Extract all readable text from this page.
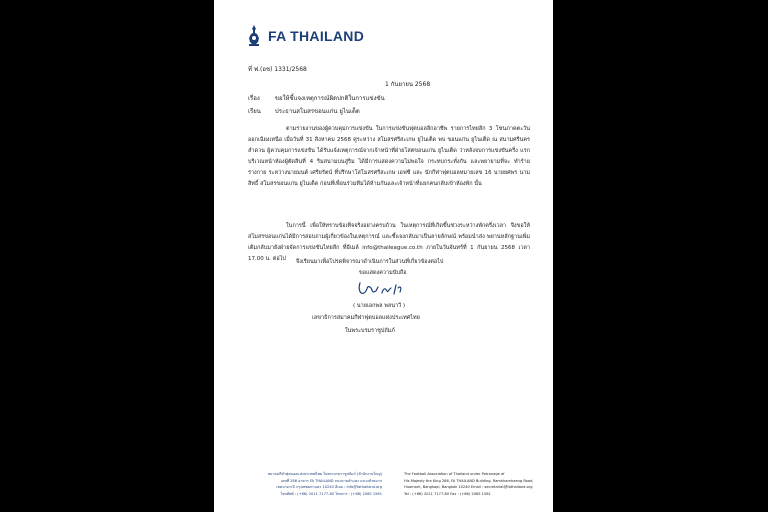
FA THAILAND
ที่ ฟ.(อช) 1331/2568
1 กันยายน 2568
เรื่อง	ขอให้ชี้แจงเหตุการณ์ผิดปกติในการแข่งขัน
เรียน ประธานสโมสรขอนแก่น ยูไนเต็ด
ตามรายงานของผู้ควบคุมการแข่งขัน ในการแข่งขันฟุตบอลลีกอาชีพ รายการไทยลีก 3 โซนภาคตะวันออกเฉียงเหนือ เมื่อวันที่ 31 สิงหาคม 2568 คู่ระหว่าง สโมสรศรีสะเกษ ยูไนเต็ด พบ ขอนแก่น ยูไนเต็ด ณ สนามศรีนคร ลำดวน ผู้ควบคุมการแข่งขัน ได้รับแจ้งเหตุการณ์จากเจ้าหน้าที่ฝ่ายโสตขอนแก่น ยูไนเต็ด ว่าหลังจบการแข่งขันครึ่ง แรกบริเวณหน้าห้องผู้ตัดสินที่ 4 ริมสนามบนสู่ริม ได้มีการแสดงความไม่พอใจ กระทบกระทั่งกัน และพยายามที่จะ ทำร้ายร่างกาย ระหว่างนายมนต์ เศรียรัตน์ ที่ปรึกษาโสโมสรศรีสะเกษ เอฟซี และ นักกีฬาฟุตบอลหมายเลข 16 นายยศพร นามสิทธิ์ สโมสรขอนแก่น ยูไนเต็ด ก่อนที่เพื่อนร่วมทีมได้ห้ามกันและเจ้าหน้าที่แยกคนกลับเข้าห้องพัก นั้น
ในการนี้ เพื่อให้ทราบข้อเท็จจริงอย่างครบถ้วน ในเหตุการณ์ที่เกิดขึ้นช่วงระหว่างพักครึ่งเวลา จึงขอให้สโมสรขอนแก่นได้มีการสอบถามผู้เกี่ยวข้องในเหตุการณ์ และชี้แจงกลับมาเป็นลายลักษณ์ พร้อมนำส่ง พยานหลักฐานเพิ่มเติมกลับมายังฝ่ายจัดการแข่งขันไทยลีก ที่อีเมล์ info@thaileague.co.th ภายในวันจันทร์ที่ 1 กันยายน 2568 เวลา 17.00 น. ต่อไป	จึงเรียนมาเพื่อโปรดพิจารณาดำเนินการในส่วนที่เกี่ยวข้องต่อไป
ขอแสดงความนับถือ
( นายเอกพล พลนาวี )
เลขาธิการสมาคมกีฬาฟุตบอลแห่งประเทศไทย
ในพระบรมราชูปถัมภ์
สมาคมกีฬาฟุตบอลแห่งประเทศไทย ในพระบรมราชูปถัมภ์ (สำนักงานใหญ่)
เลขที่ 286 อาคาร FA THAILAND ถนนรามคำแหง แขวงหัวหมาก
เขตบางกะปิ กรุงเทพมหานคร 10240 อีเมล : info@fathailand.org
โทรศัพท์ : (+66) 2011 7177-80 โทรสาร : (+66) 2065 1561
The Football Association of Thailand under Patronage of
His Majesty the King 286, FA THAILAND Building, Ramkhamhaeng Road,
Huamark, Bangkapi, Bangkok 10240 Email : secretariat@fathailand.org
Tel : (+66) 2011 7177-80 Fax : (+66) 2065 1561
